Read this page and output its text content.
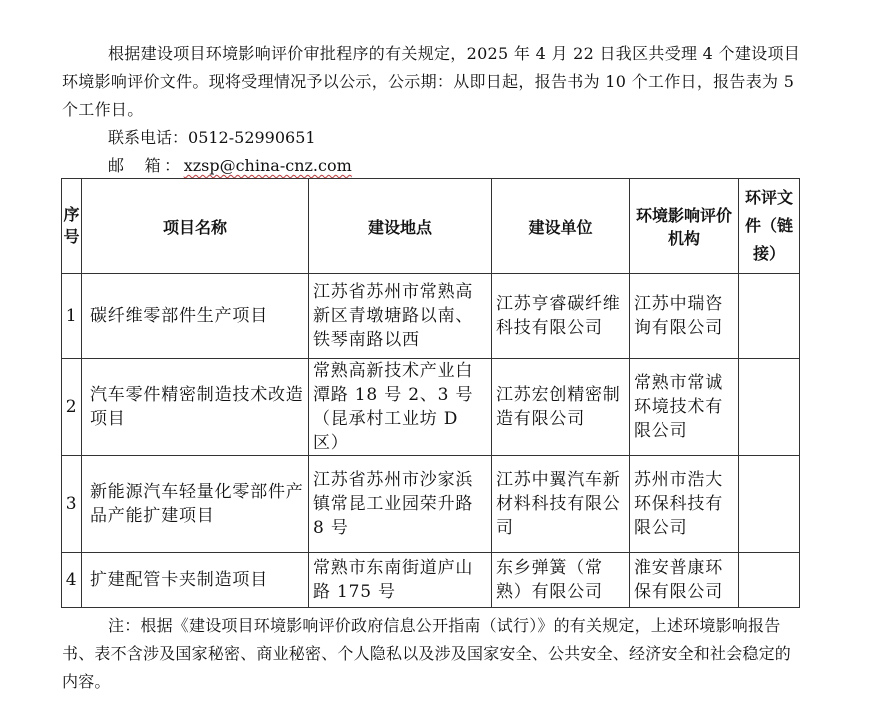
根据建设项目环境影响评价审批程序的有关规定，2025 年 4 月 22 日我区共受理 4 个建设项目环境影响评价文件。现将受理情况予以公示，公示期：从即日起，报告书为 10 个工作日，报告表为 5 个工作日。

联系电话：0512-52990651

邮  箱：xzsp@china-cnz.com

序号	项目名称	建设地点	建设单位	环境影响评价机构	环评文件（链接）
1	碳纤维零部件生产项目	江苏省苏州市常熟高新区青墩塘路以南、铁琴南路以西	江苏亨睿碳纤维科技有限公司	江苏中瑞咨询有限公司	
2	汽车零件精密制造技术改造项目	常熟高新技术产业白潭路 18 号 2、3 号（昆承村工业坊 D 区）	江苏宏创精密制造有限公司	常熟市常诚环境技术有限公司	
3	新能源汽车轻量化零部件产品产能扩建项目	江苏省苏州市沙家浜镇常昆工业园荣升路 8 号	江苏中翼汽车新材料科技有限公司	苏州市浩大环保科技有限公司	
4	扩建配管卡夹制造项目	常熟市东南街道庐山路 175 号	东乡弹簧（常熟）有限公司	淮安普康环保有限公司	

注：根据《建设项目环境影响评价政府信息公开指南（试行）》的有关规定，上述环境影响报告书、表不含涉及国家秘密、商业秘密、个人隐私以及涉及国家安全、公共安全、经济安全和社会稳定的内容。
